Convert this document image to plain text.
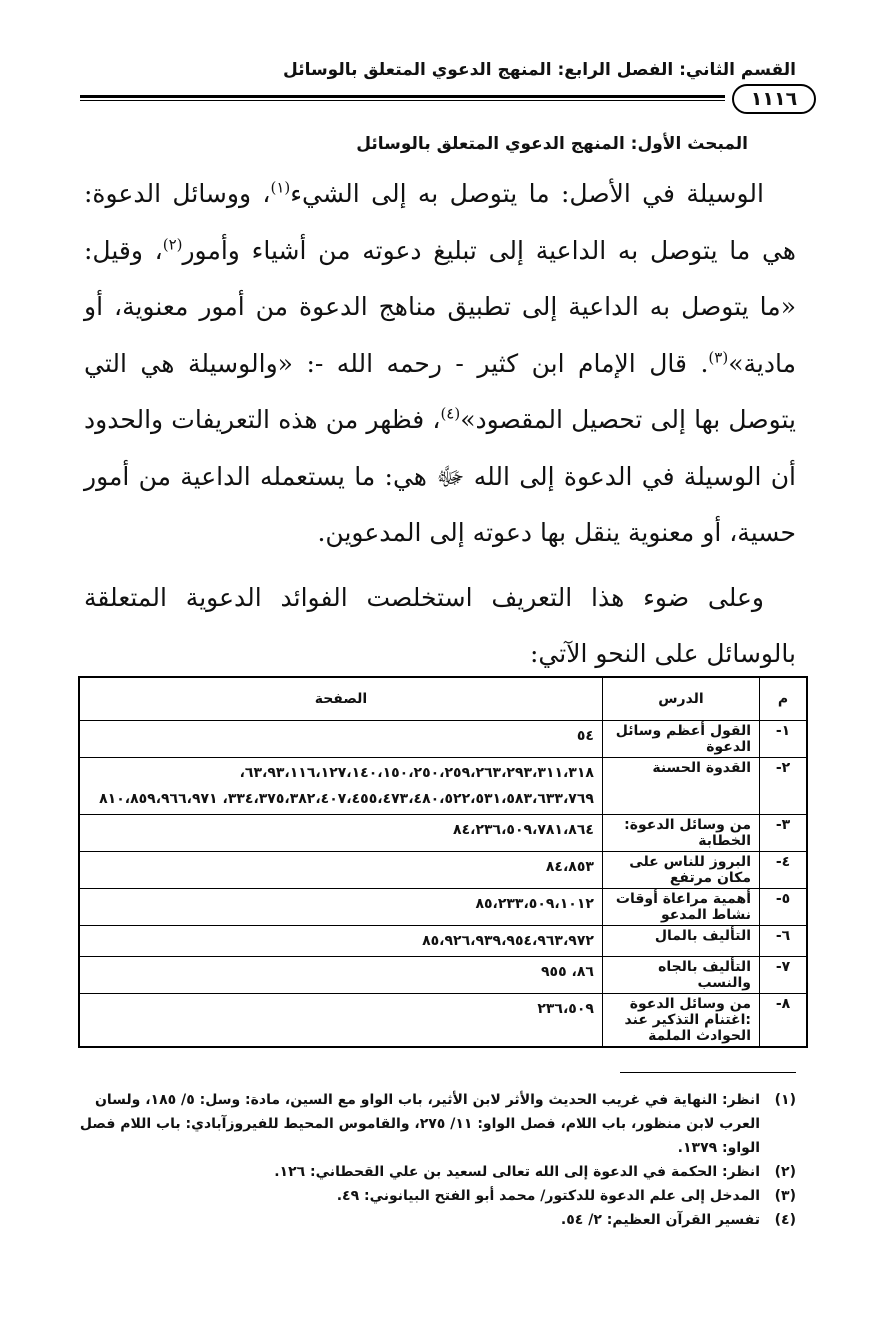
القسم الثاني: الفصل الرابع: المنهج الدعوي المتعلق بالوسائل
١١١٦
المبحث الأول: المنهج الدعوي المتعلق بالوسائل

الوسيلة في الأصل: ما يتوصل به إلى الشيء$^{(١)}$، ووسائل الدعوة: هي ما يتوصل به الداعية إلى تبليغ دعوته من أشياء وأمور$^{(٢)}$، وقيل: «ما يتوصل به الداعية إلى تطبيق مناهج الدعوة من أمور معنوية، أو مادية»$^{(٣)}$. قال الإمام ابن كثير - رحمه الله -: «والوسيلة هي التي يتوصل بها إلى تحصيل المقصود»$^{(٤)}$، فظهر من هذه التعريفات والحدود أن الوسيلة في الدعوة إلى الله ﷻ هي: ما يستعمله الداعية من أمور حسية، أو معنوية ينقل بها دعوته إلى المدعوين.

وعلى ضوء هذا التعريف استخلصت الفوائد الدعوية المتعلقة بالوسائل على النحو الآتي:

م	الدرس	الصفحة
١-	القول أعظم وسائل الدعوة	٥٤
٢-	القدوة الحسنة	٦٣،٩٣،١١٦،١٢٧،١٤٠،١٥٠،٢٥٠،٢٥٩،٢٦٣،٢٩٣،٣١١،٣١٨، ٣٣٤،٣٧٥،٣٨٢،٤٠٧،٤٥٥،٤٧٣،٤٨٠،٥٢٢،٥٣١،٥٨٣،٦٣٣،٧٦٩، ٨١٠،٨٥٩،٩٦٦،٩٧١
٣-	من وسائل الدعوة: الخطابة	٨٤،٢٣٦،٥٠٩،٧٨١،٨٦٤
٤-	البروز للناس على مكان مرتفع	٨٤،٨٥٣
٥-	أهمية مراعاة أوقات نشاط المدعو	٨٥،٢٣٣،٥٠٩،١٠١٢
٦-	التأليف بالمال	٨٥،٩٢٦،٩٣٩،٩٥٤،٩٦٣،٩٧٢
٧-	التأليف بالجاه والنسب	٨٦، ٩٥٥
٨-	من وسائل الدعوة :اغتنام التذكير عند الحوادث الملمة	٢٣٦،٥٠٩
(١)
انظر: النهاية في غريب الحديث والأثر لابن الأثير، باب الواو مع السين، مادة: وسل: ٥/ ١٨٥، ولسان العرب لابن منظور، باب اللام، فصل الواو: ١١/ ٢٧٥، والقاموس المحيط للفيروزآبادي: باب اللام فصل الواو: ١٣٧٩.
(٢)
انظر: الحكمة في الدعوة إلى الله تعالى لسعيد بن علي القحطاني: ١٢٦.
(٣)
المدخل إلى علم الدعوة للدكتور/ محمد أبو الفتح البيانوني: ٤٩.
(٤)
تفسير القرآن العظيم: ٢/ ٥٤.
